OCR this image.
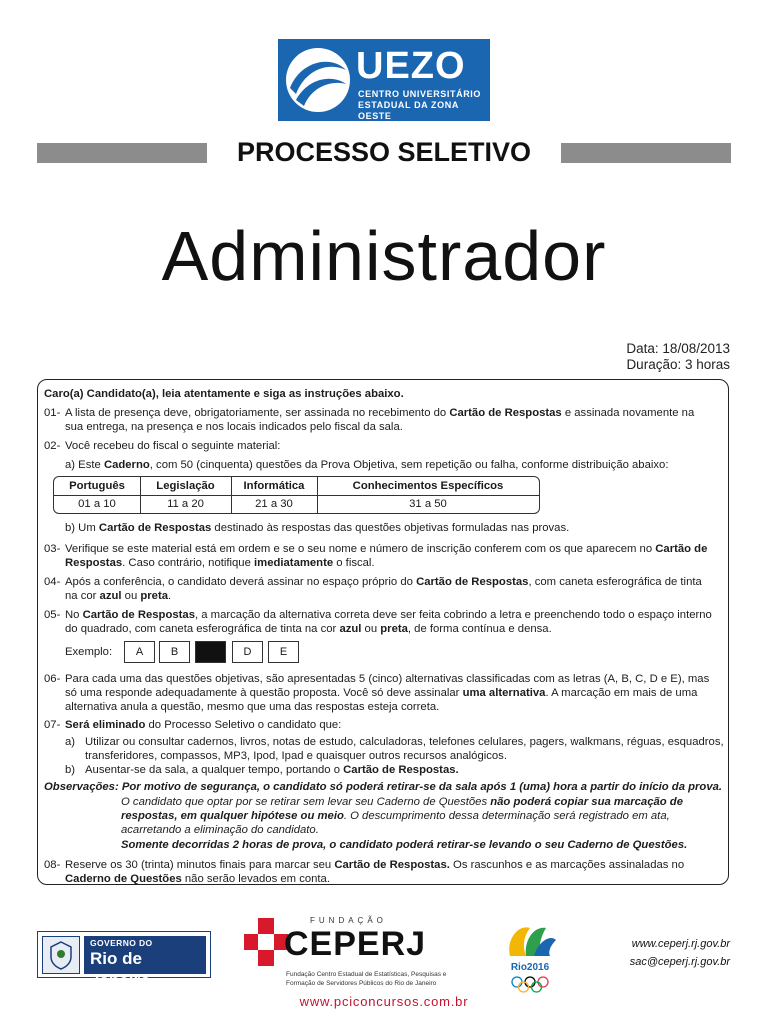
UEZO
CENTRO UNIVERSITÁRIO
ESTADUAL DA ZONA OESTE
PROCESSO SELETIVO
Administrador
Data: 18/08/2013
Duração: 3 horas
Caro(a) Candidato(a), leia atentamente e siga as instruções abaixo.
01- A lista de presença deve, obrigatoriamente, ser assinada no recebimento do Cartão de Respostas e assinada novamente na
sua entrega, na presença e nos locais indicados pelo fiscal da sala.
02- Você recebeu do fiscal o seguinte material:
a) Este Caderno, com 50 (cinquenta) questões da Prova Objetiva, sem repetição ou falha, conforme distribuição abaixo:
Português	Legislação	Informática	Conhecimentos Específicos
01 a 10	11 a 20	21 a 30	31 a 50
b) Um Cartão de Respostas destinado às respostas das questões objetivas formuladas nas provas.
03- Verifique se este material está em ordem e se o seu nome e número de inscrição conferem com os que aparecem no Cartão de
Respostas. Caso contrário, notifique imediatamente o fiscal.
04- Após a conferência, o candidato deverá assinar no espaço próprio do Cartão de Respostas, com caneta esferográfica de tinta
na cor azul ou preta.
05- No Cartão de Respostas, a marcação da alternativa correta deve ser feita cobrindo a letra e preenchendo todo o espaço interno
do quadrado, com caneta esferográfica de tinta na cor azul ou preta, de forma contínua e densa.
Exemplo:	A	B	D	E
06- Para cada uma das questões objetivas, são apresentadas 5 (cinco) alternativas classificadas com as letras (A, B, C, D e E), mas
só uma responde adequadamente à questão proposta. Você só deve assinalar uma alternativa. A marcação em mais de uma
alternativa anula a questão, mesmo que uma das respostas esteja correta.
07- Será eliminado do Processo Seletivo o candidato que:
a) Utilizar ou consultar cadernos, livros, notas de estudo, calculadoras, telefones celulares, pagers, walkmans, réguas, esquadros,
transferidores, compassos, MP3, Ipod, Ipad e quaisquer outros recursos analógicos.
b) Ausentar-se da sala, a qualquer tempo, portando o Cartão de Respostas.
Observações: Por motivo de segurança, o candidato só poderá retirar-se da sala após 1 (uma) hora a partir do início da prova.
O candidato que optar por se retirar sem levar seu Caderno de Questões não poderá copiar sua marcação de
respostas, em qualquer hipótese ou meio. O descumprimento dessa determinação será registrado em ata,
acarretando a eliminação do candidato.
Somente decorridas 2 horas de prova, o candidato poderá retirar-se levando o seu Caderno de Questões.
08- Reserve os 30 (trinta) minutos finais para marcar seu Cartão de Respostas. Os rascunhos e as marcações assinaladas no
Caderno de Questões não serão levados em conta.
GOVERNO DO
Rio de Janeiro
FUNDAÇÃO
CEPERJ
Fundação Centro Estadual de Estatísticas, Pesquisas e
Formação de Servidores Públicos do Rio de Janeiro
Rio2016
www.ceperj.rj.gov.br
sac@ceperj.rj.gov.br
www.pciconcursos.com.br
